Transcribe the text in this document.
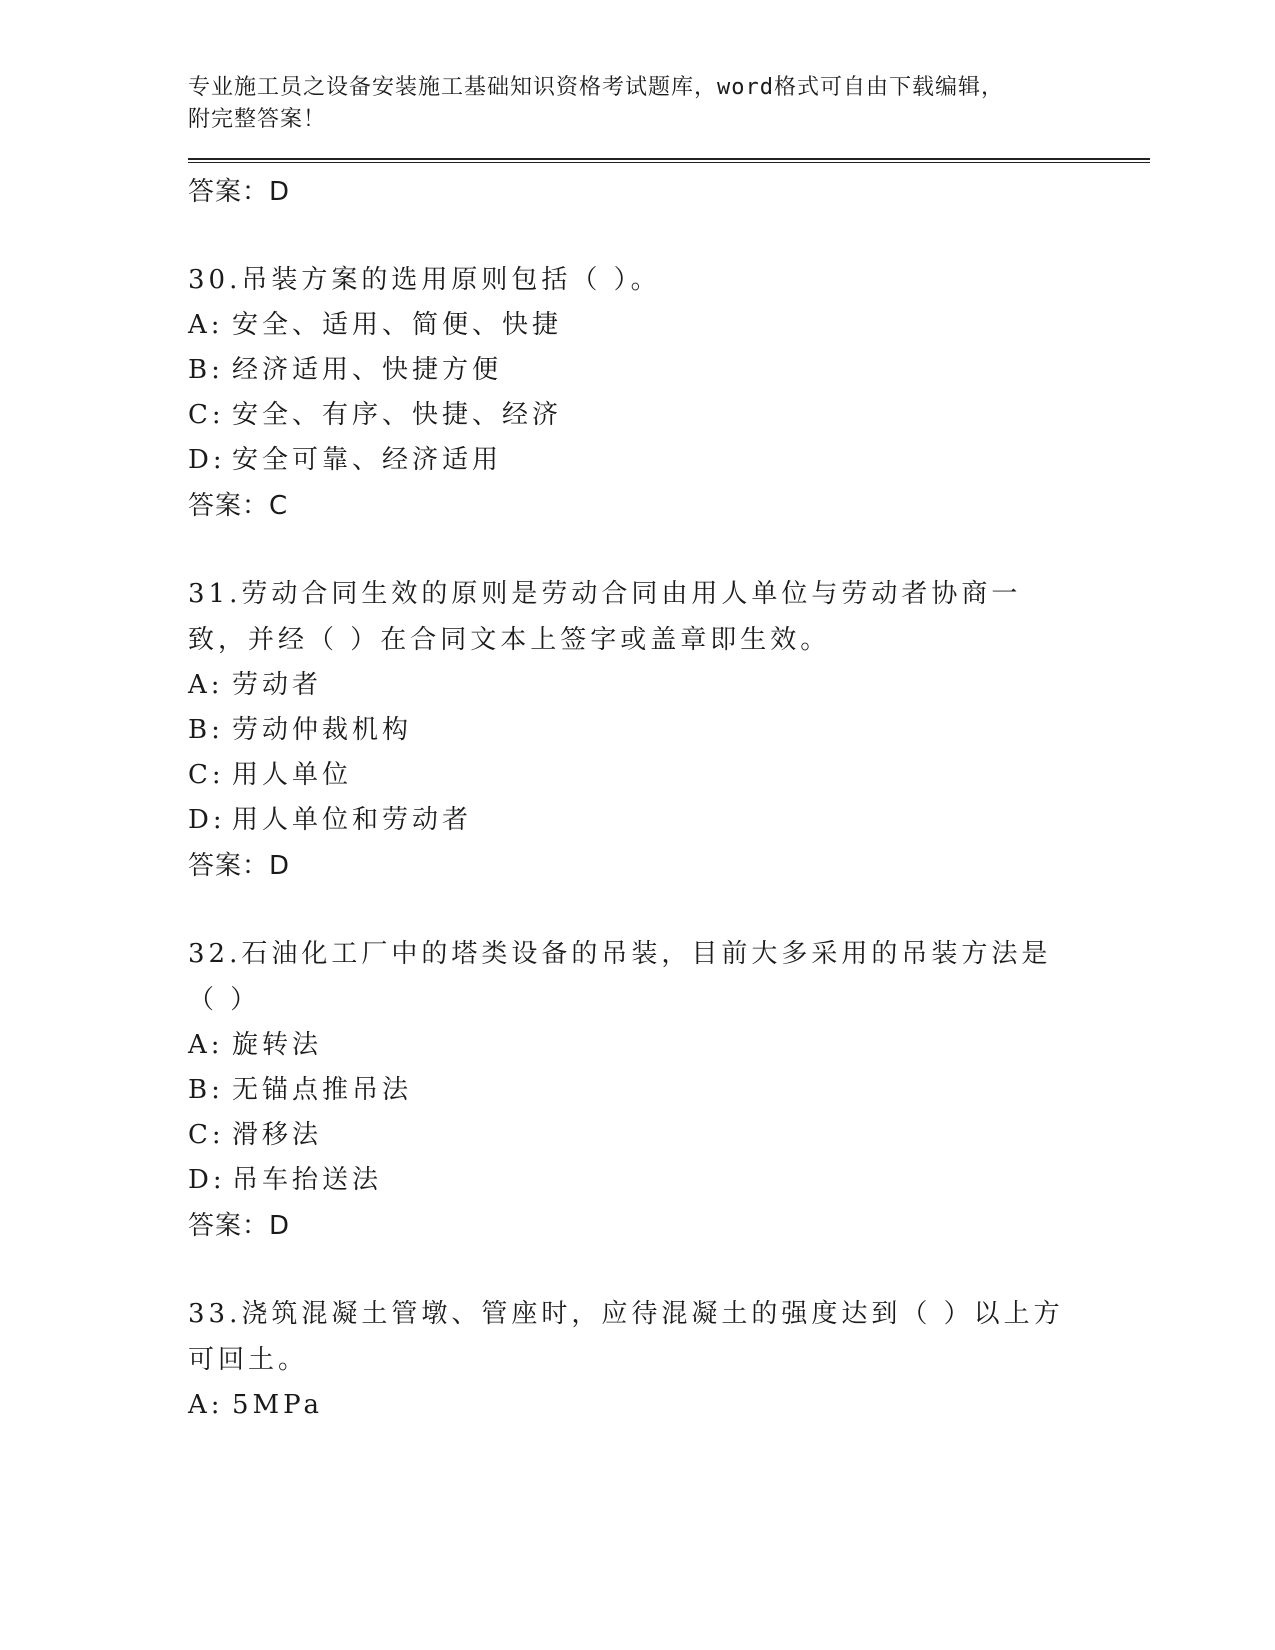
专业施工员之设备安装施工基础知识资格考试题库，word格式可自由下载编辑，
附完整答案！
答案：D
30.吊装方案的选用原则包括（ ）。
A: 安全、适用、简便、快捷
B: 经济适用、快捷方便
C: 安全、有序、快捷、经济
D: 安全可靠、经济适用
答案：C
31.劳动合同生效的原则是劳动合同由用人单位与劳动者协商一致，并经（ ）在合同文本上签字或盖章即生效。
A: 劳动者
B: 劳动仲裁机构
C: 用人单位
D: 用人单位和劳动者
答案：D
32.石油化工厂中的塔类设备的吊装，目前大多采用的吊装方法是（ ）
A: 旋转法
B: 无锚点推吊法
C: 滑移法
D: 吊车抬送法
答案：D
33.浇筑混凝土管墩、管座时，应待混凝土的强度达到（ ）以上方可回土。
A: 5MPa
